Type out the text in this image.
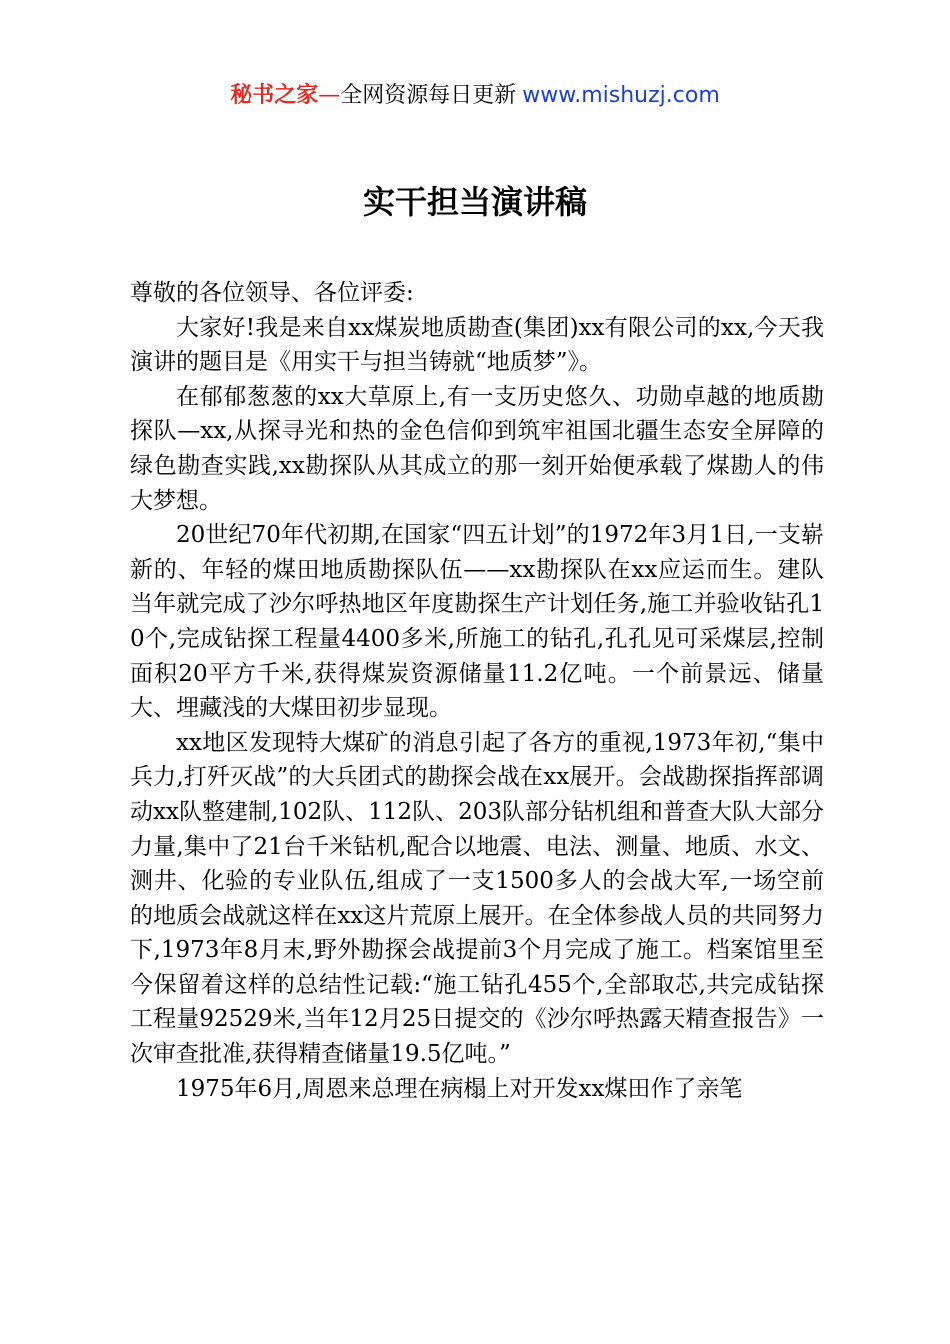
秘书之家—全网资源每日更新 www.mishuzj.com
实干担当演讲稿

尊敬的各位领导、各位评委:

大家好!我是来自xx煤炭地质勘查(集团)xx有限公司的xx,今天我演讲的题目是《用实干与担当铸就“地质梦”》。

在郁郁葱葱的xx大草原上,有一支历史悠久、功勋卓越的地质勘探队—xx,从探寻光和热的金色信仰到筑牢祖国北疆生态安全屏障的绿色勘查实践,xx勘探队从其成立的那一刻开始便承载了煤勘人的伟大梦想。

20世纪70年代初期,在国家“四五计划”的1972年3月1日,一支崭新的、年轻的煤田地质勘探队伍——xx勘探队在xx应运而生。建队当年就完成了沙尔呼热地区年度勘探生产计划任务,施工并验收钻孔10个,完成钻探工程量4400多米,所施工的钻孔,孔孔见可采煤层,控制面积20平方千米,获得煤炭资源储量11.2亿吨。一个前景远、储量大、埋藏浅的大煤田初步显现。

xx地区发现特大煤矿的消息引起了各方的重视,1973年初,“集中兵力,打歼灭战”的大兵团式的勘探会战在xx展开。会战勘探指挥部调动xx队整建制,102队、112队、203队部分钻机组和普查大队大部分力量,集中了21台千米钻机,配合以地震、电法、测量、地质、水文、测井、化验的专业队伍,组成了一支1500多人的会战大军,一场空前的地质会战就这样在xx这片荒原上展开。在全体参战人员的共同努力下,1973年8月末,野外勘探会战提前3个月完成了施工。档案馆里至今保留着这样的总结性记载:“施工钻孔455个,全部取芯,共完成钻探工程量92529米,当年12月25日提交的《沙尔呼热露天精查报告》一次审查批准,获得精查储量19.5亿吨。”

1975年6月,周恩来总理在病榻上对开发xx煤田作了亲笔
